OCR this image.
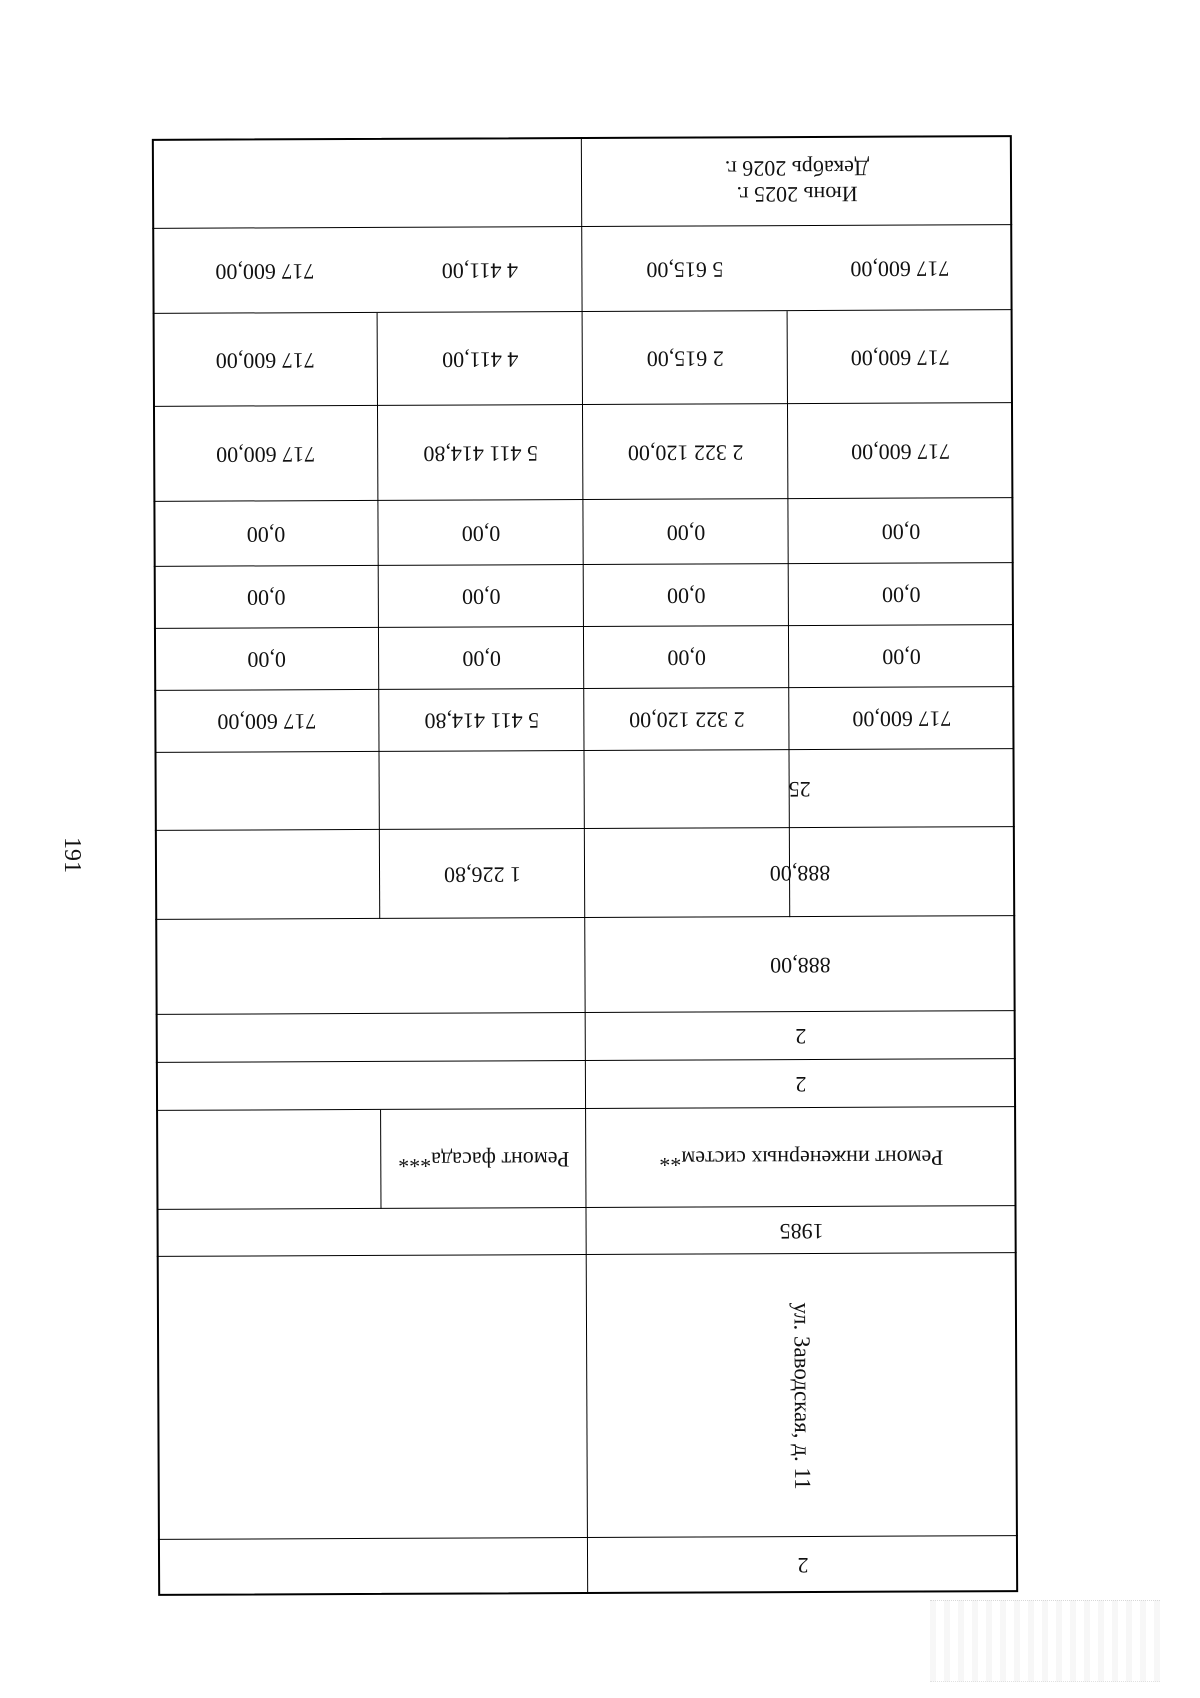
191
2
ул. Заводская, д. 11
1985
Ремонт инженерных систем**
Ремонт фасада***
2
2
888,00
888,00
1 226,80
25
717 600,00
2 322 120,00
5 411 414,80
717 600,00
0,00
0,00
0,00
0,00
0,00
0,00
0,00
0,00
0,00
0,00
0,00
0,00
717 600,00
2 322 120,00
5 411 414,80
717 600,00
717 600,00
2 615,00
4 411,00
717 600,00
717 600,00
5 615,00
4 411,00
717 600,00
Июнь 2025 г.
Декабрь 2026 г.
